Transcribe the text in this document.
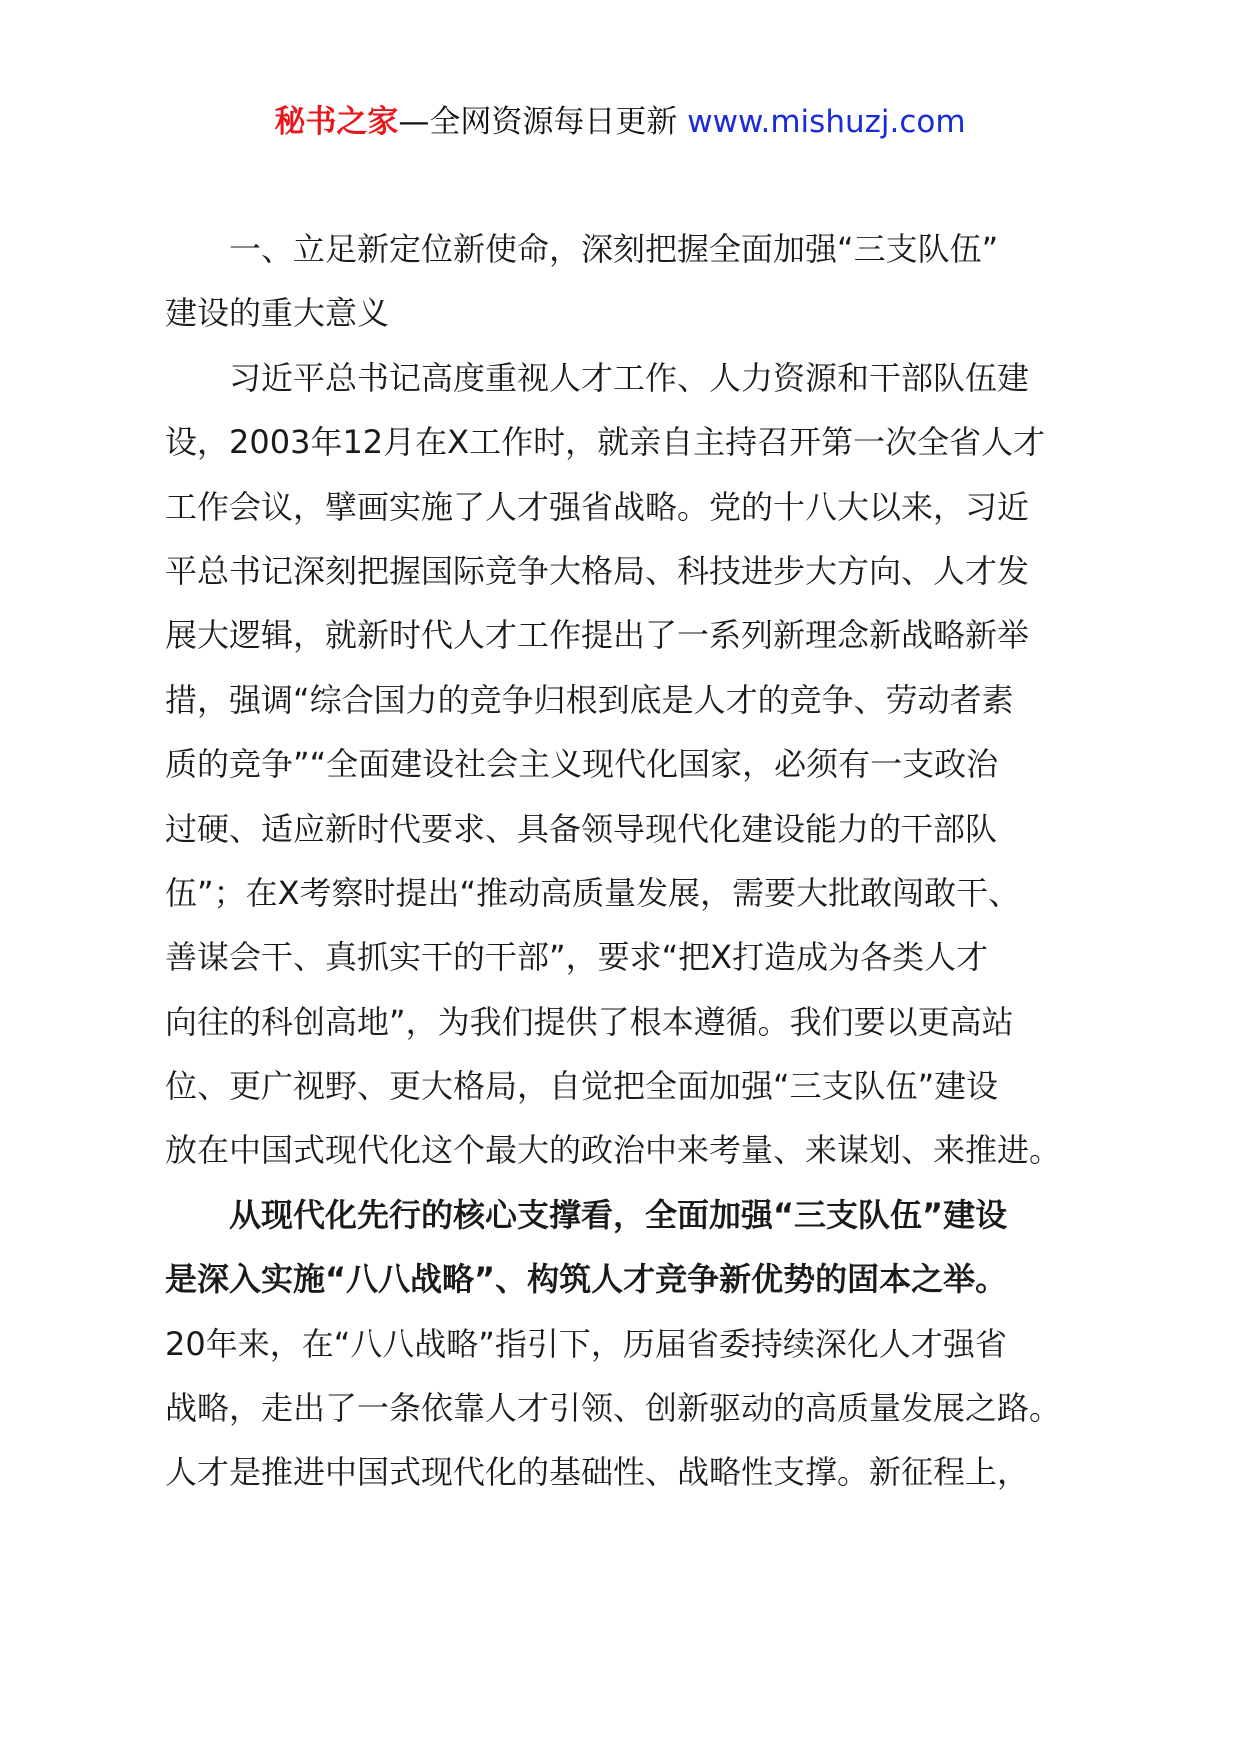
秘书之家—全网资源每日更新 www.mishuzj.com
一、立足新定位新使命，深刻把握全面加强“三支队伍”
建设的重大意义
习近平总书记高度重视人才工作、人力资源和干部队伍建
设，2003年12月在X工作时，就亲自主持召开第一次全省人才
工作会议，擘画实施了人才强省战略。党的十八大以来，习近
平总书记深刻把握国际竞争大格局、科技进步大方向、人才发
展大逻辑，就新时代人才工作提出了一系列新理念新战略新举
措，强调“综合国力的竞争归根到底是人才的竞争、劳动者素
质的竞争”“全面建设社会主义现代化国家，必须有一支政治
过硬、适应新时代要求、具备领导现代化建设能力的干部队
伍”；在X考察时提出“推动高质量发展，需要大批敢闯敢干、
善谋会干、真抓实干的干部”，要求“把X打造成为各类人才
向往的科创高地”，为我们提供了根本遵循。我们要以更高站
位、更广视野、更大格局，自觉把全面加强“三支队伍”建设
放在中国式现代化这个最大的政治中来考量、来谋划、来推进。
从现代化先行的核心支撑看，全面加强“三支队伍”建设
是深入实施“八八战略”、构筑人才竞争新优势的固本之举。
20年来，在“八八战略”指引下，历届省委持续深化人才强省
战略，走出了一条依靠人才引领、创新驱动的高质量发展之路。
人才是推进中国式现代化的基础性、战略性支撑。新征程上，
